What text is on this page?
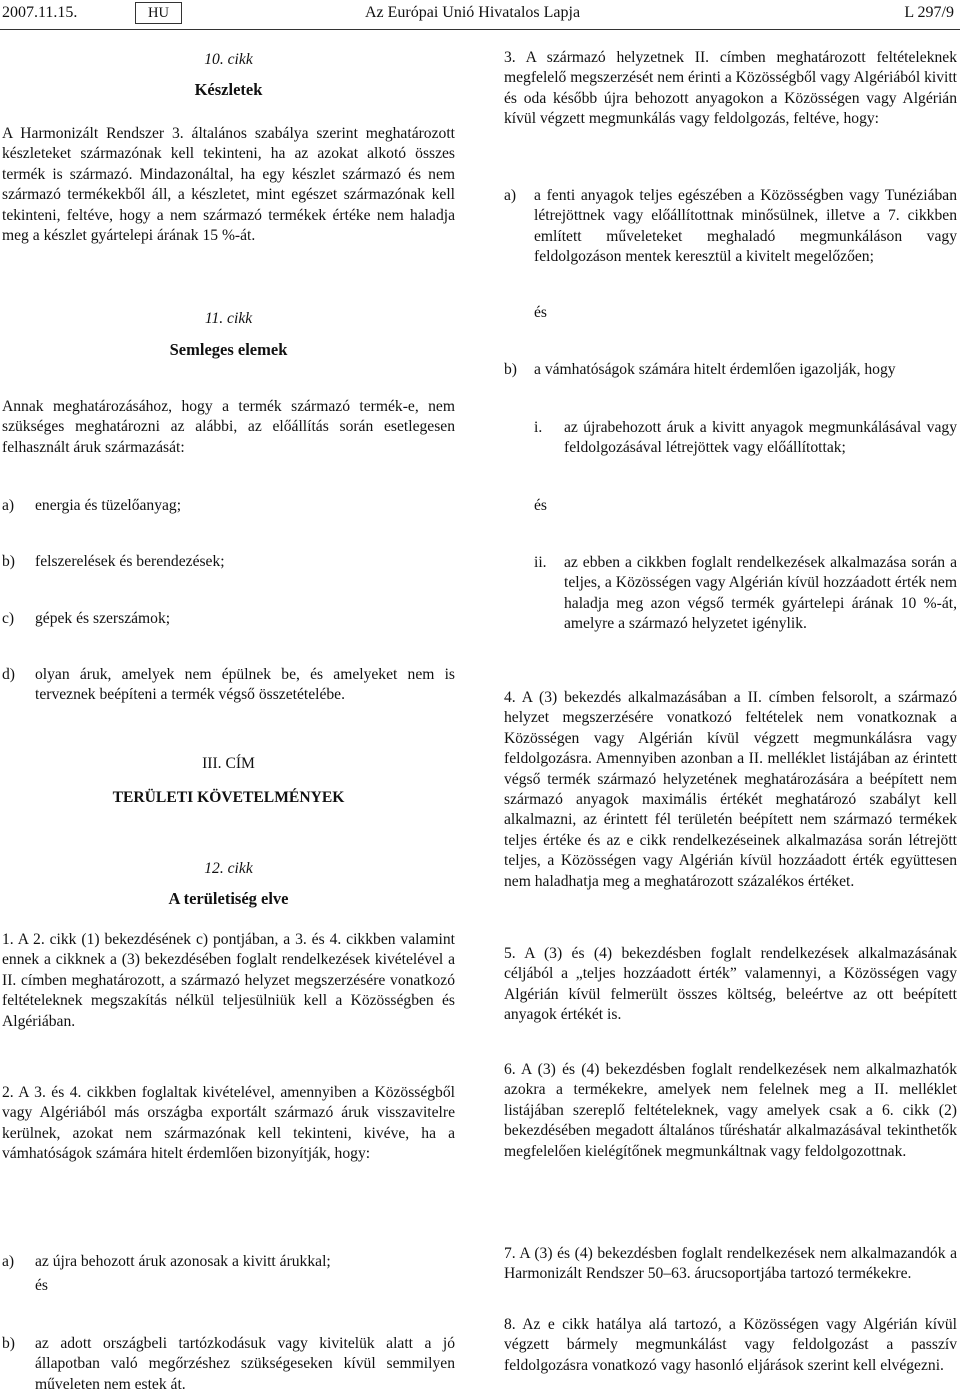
2007.11.15.	HU	Az Európai Unió Hivatalos Lapja	L 297/9

10. cikk

Készletek

A Harmonizált Rendszer 3. általános szabálya szerint meghatározott készleteket származónak kell tekinteni, ha az azokat alkotó összes termék is származó. Mindazonáltal, ha egy készlet származó és nem származó termékekből áll, a készletet, mint egészet származónak kell tekinteni, feltéve, hogy a nem származó termékek értéke nem haladja meg a készlet gyártelepi árának 15 %-át.

11. cikk

Semleges elemek

Annak meghatározásához, hogy a termék származó termék-e, nem szükséges meghatározni az alábbi, az előállítás során esetlegesen felhasznált áruk származását:

a) energia és tüzelőanyag;
b) felszerelések és berendezések;
c) gépek és szerszámok;
d) olyan áruk, amelyek nem épülnek be, és amelyeket nem is terveznek beépíteni a termék végső összetételébe.

III. CÍM

TERÜLETI KÖVETELMÉNYEK

12. cikk

A területiség elve

1. A 2. cikk (1) bekezdésének c) pontjában, a 3. és 4. cikkben valamint ennek a cikknek a (3) bekezdésében foglalt rendelkezések kivételével a II. címben meghatározott, a származó helyzet megszerzésére vonatkozó feltételeknek megszakítás nélkül teljesülniük kell a Közösségben és Algériában.

2. A 3. és 4. cikkben foglaltak kivételével, amennyiben a Közösségből vagy Algériából más országba exportált származó áruk visszavitelre kerülnek, azokat nem származónak kell tekinteni, kivéve, ha a vámhatóságok számára hitelt érdemlően bizonyítják, hogy:

a) az újra behozott áruk azonosak a kivitt árukkal;

és

b) az adott országbeli tartózkodásuk vagy kivitelük alatt a jó állapotban való megőrzéshez szükségeseken kívül semmilyen műveleten nem estek át.

3. A származó helyzetnek II. címben meghatározott feltételeknek megfelelő megszerzését nem érinti a Közösségből vagy Algériából kivitt és oda később újra behozott anyagokon a Közösségen vagy Algérián kívül végzett megmunkálás vagy feldolgozás, feltéve, hogy:

a) a fenti anyagok teljes egészében a Közösségben vagy Tunéziában létrejöttnek vagy előállítottnak minősülnek, illetve a 7. cikkben említett műveleteket meghaladó megmunkáláson vagy feldolgozáson mentek keresztül a kivitelt megelőzően;

és

b) a vámhatóságok számára hitelt érdemlően igazolják, hogy
i. az újrabehozott áruk a kivitt anyagok megmunkálásával vagy feldolgozásával létrejöttek vagy előállítottak;

és

ii. az ebben a cikkben foglalt rendelkezések alkalmazása során a teljes, a Közösségen vagy Algérián kívül hozzáadott érték nem haladja meg azon végső termék gyártelepi árának 10 %-át, amelyre a származó helyzetet igénylik.

4. A (3) bekezdés alkalmazásában a II. címben felsorolt, a származó helyzet megszerzésére vonatkozó feltételek nem vonatkoznak a Közösségen vagy Algérián kívül végzett megmunkálásra vagy feldolgozásra. Amennyiben azonban a II. melléklet listájában az érintett végső termék származó helyzetének meghatározására a beépített nem származó anyagok maximális értékét meghatározó szabályt kell alkalmazni, az érintett fél területén beépített nem származó termékek teljes értéke és az e cikk rendelkezéseinek alkalmazása során létrejött teljes, a Közösségen vagy Algérián kívül hozzáadott érték együttesen nem haladhatja meg a meghatározott százalékos értéket.

5. A (3) és (4) bekezdésben foglalt rendelkezések alkalmazásának céljából a „teljes hozzáadott érték” valamennyi, a Közösségen vagy Algérián kívül felmerült összes költség, beleértve az ott beépített anyagok értékét is.

6. A (3) és (4) bekezdésben foglalt rendelkezések nem alkalmazhatók azokra a termékekre, amelyek nem felelnek meg a II. melléklet listájában szereplő feltételeknek, vagy amelyek csak a 6. cikk (2) bekezdésében megadott általános tűréshatár alkalmazásával tekinthetők megfelelően kielégítőnek megmunkáltnak vagy feldolgozottnak.

7. A (3) és (4) bekezdésben foglalt rendelkezések nem alkalmazandók a Harmonizált Rendszer 50–63. árucsoportjába tartozó termékekre.

8. Az e cikk hatálya alá tartozó, a Közösségen vagy Algérián kívül végzett bármely megmunkálást vagy feldolgozást a passzív feldolgozásra vonatkozó vagy hasonló eljárások szerint kell elvégezni.
